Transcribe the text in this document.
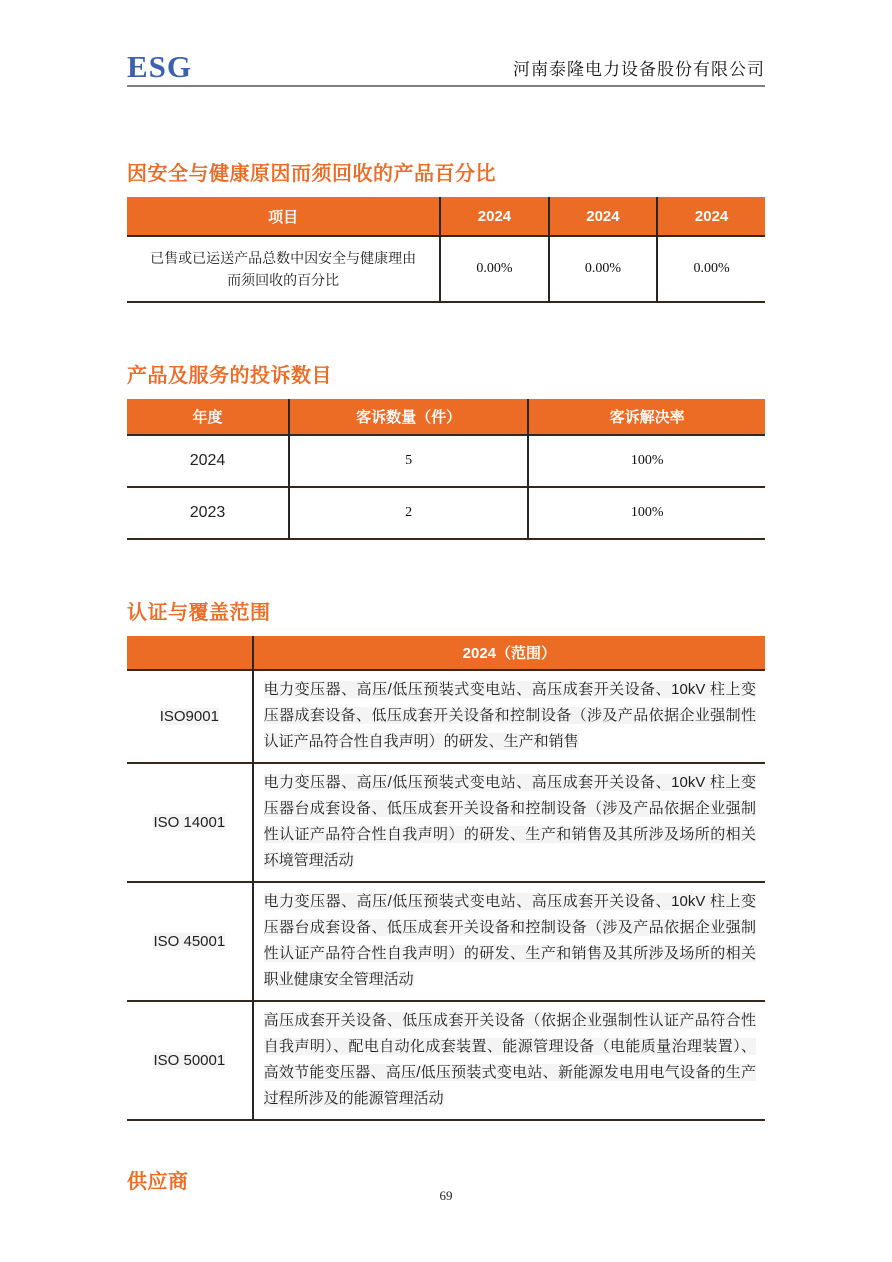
ESG	河南泰隆电力设备股份有限公司
因安全与健康原因而须回收的产品百分比
项目	2024	2024	2024
已售或已运送产品总数中因安全与健康理由而须回收的百分比	0.00%	0.00%	0.00%
产品及服务的投诉数目
年度	客诉数量（件）	客诉解决率
2024	5	100%
2023	2	100%
认证与覆盖范围
	2024（范围）
ISO9001	电力变压器、高压/低压预装式变电站、高压成套开关设备、10kV 柱上变压器成套设备、低压成套开关设备和控制设备（涉及产品依据企业强制性认证产品符合性自我声明）的研发、生产和销售
ISO 14001	电力变压器、高压/低压预装式变电站、高压成套开关设备、10kV 柱上变压器台成套设备、低压成套开关设备和控制设备（涉及产品依据企业强制性认证产品符合性自我声明）的研发、生产和销售及其所涉及场所的相关环境管理活动
ISO 45001	电力变压器、高压/低压预装式变电站、高压成套开关设备、10kV 柱上变压器台成套设备、低压成套开关设备和控制设备（涉及产品依据企业强制性认证产品符合性自我声明）的研发、生产和销售及其所涉及场所的相关职业健康安全管理活动
ISO 50001	高压成套开关设备、低压成套开关设备（依据企业强制性认证产品符合性自我声明）、配电自动化成套装置、能源管理设备（电能质量治理装置）、高效节能变压器、高压/低压预装式变电站、新能源发电用电气设备的生产过程所涉及的能源管理活动
供应商
69
